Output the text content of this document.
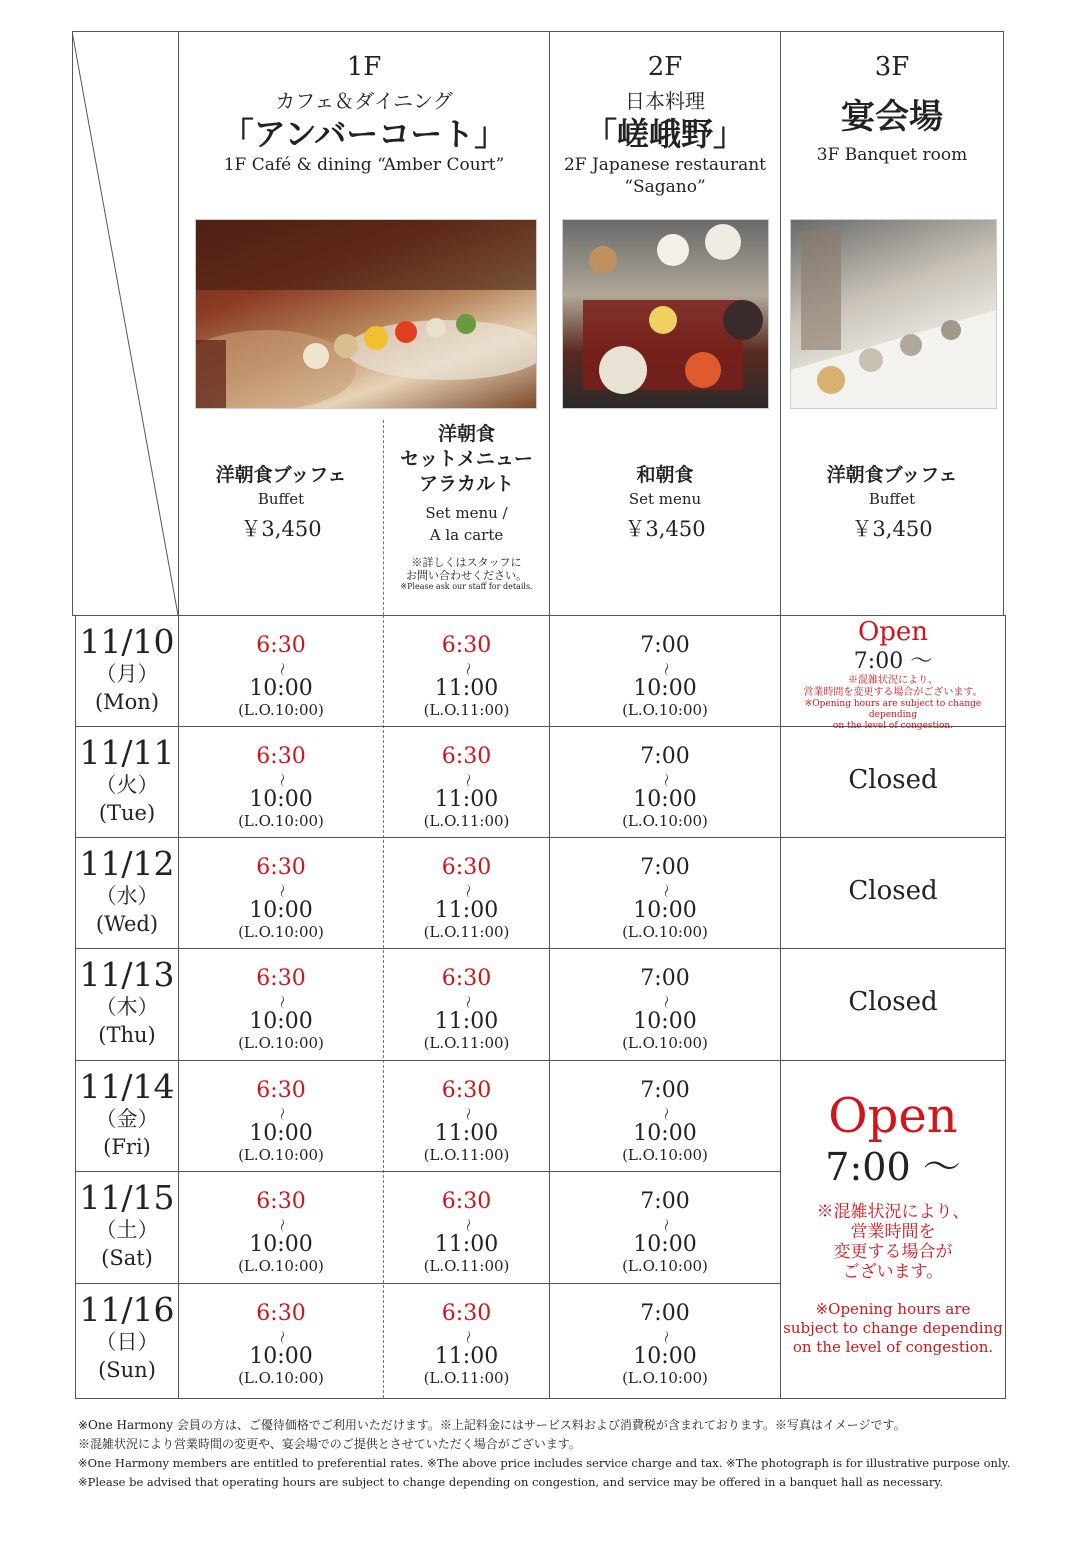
1F
カフェ＆ダイニング
「アンバーコート」
1F Café & dining “Amber Court”
洋朝食ブッフェ
Buffet
￥3,450
洋朝食
セットメニュー
アラカルト
Set menu /
A la carte
※詳しくはスタッフに
お問い合わせください。
※Please ask our staff for details.
2F
日本料理
「嵯峨野」
2F Japanese restaurant
“Sagano”
和朝食
Set menu
￥3,450
3F
宴会場
3F Banquet room
洋朝食ブッフェ
Buffet
￥3,450
11/10
（月）
(Mon)
6:30
〜
10:00
(L.O.10:00)
6:30
〜
11:00
(L.O.11:00)
7:00
〜
10:00
(L.O.10:00)
11/11
（火）
(Tue)
6:30
〜
10:00
(L.O.10:00)
6:30
〜
11:00
(L.O.11:00)
7:00
〜
10:00
(L.O.10:00)
11/12
（水）
(Wed)
6:30
〜
10:00
(L.O.10:00)
6:30
〜
11:00
(L.O.11:00)
7:00
〜
10:00
(L.O.10:00)
11/13
（木）
(Thu)
6:30
〜
10:00
(L.O.10:00)
6:30
〜
11:00
(L.O.11:00)
7:00
〜
10:00
(L.O.10:00)
11/14
（金）
(Fri)
6:30
〜
10:00
(L.O.10:00)
6:30
〜
11:00
(L.O.11:00)
7:00
〜
10:00
(L.O.10:00)
11/15
（土）
(Sat)
6:30
〜
10:00
(L.O.10:00)
6:30
〜
11:00
(L.O.11:00)
7:00
〜
10:00
(L.O.10:00)
11/16
（日）
(Sun)
6:30
〜
10:00
(L.O.10:00)
6:30
〜
11:00
(L.O.11:00)
7:00
〜
10:00
(L.O.10:00)
Open
7:00 〜
※混雑状況により、
営業時間を変更する場合がございます。
※Opening hours are subject to change depending
on the level of congestion.
Closed
Closed
Closed
Open
7:00 〜
※混雑状況により、
営業時間を
変更する場合が
ございます。
※Opening hours are
subject to change depending
on the level of congestion.
※One Harmony 会員の方は、ご優待価格でご利用いただけます。※上記料金にはサービス料および消費税が含まれております。※写真はイメージです。
※混雑状況により営業時間の変更や、宴会場でのご提供とさせていただく場合がございます。
※One Harmony members are entitled to preferential rates. ※The above price includes service charge and tax. ※The photograph is for illustrative purpose only.
※Please be advised that operating hours are subject to change depending on congestion, and service may be offered in a banquet hall as necessary.
